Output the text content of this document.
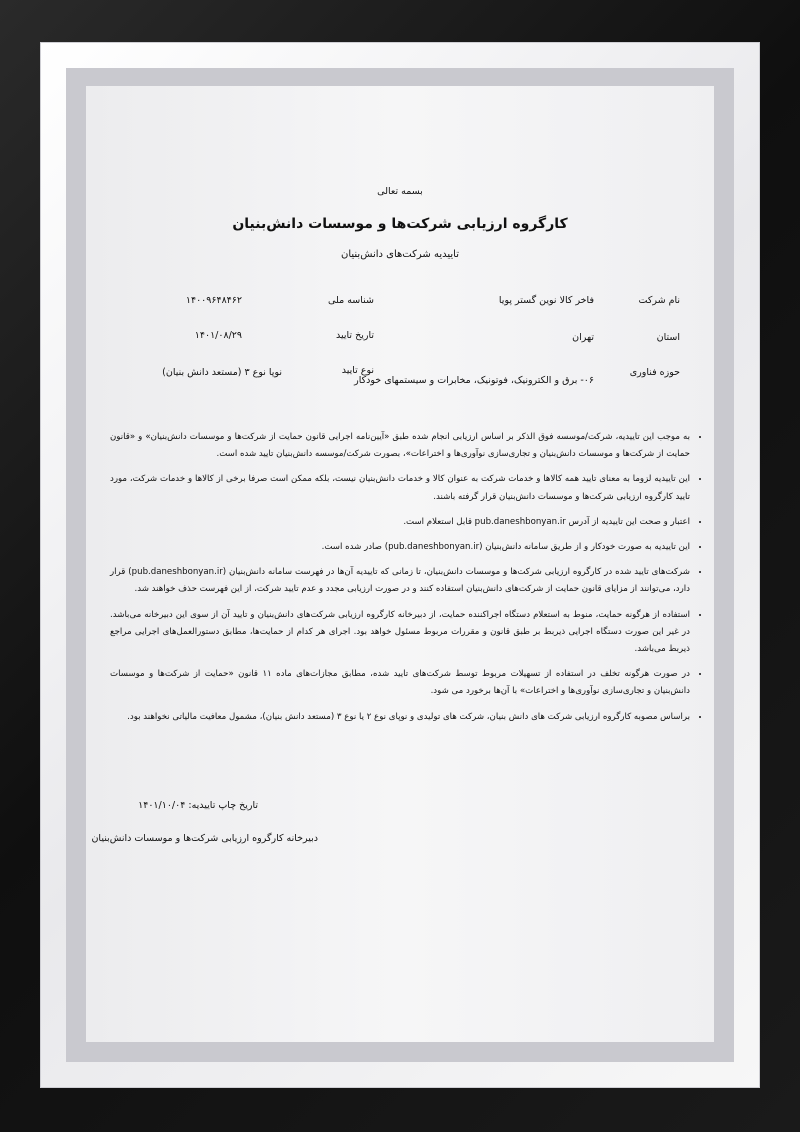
بسمه تعالی
کارگروه ارزیابی شرکت‌ها و موسسات دانش‌بنیان
تاییدیه شرکت‌های دانش‌بنیان
نام شرکت
فاخر کالا نوین گستر پویا
استان
تهران
حوزه فناوری
۰۶- برق و الکترونیک، فوتونیک، مخابرات و سیستمهای خودکار
شناسه ملی
۱۴۰۰۹۶۴۸۴۶۲
تاریخ تایید
۱۴۰۱/۰۸/۲۹
نوع تایید
نوپا نوع ۳ (مستعد دانش بنیان)
• به موجب این تاییدیه، شرکت/موسسه فوق الذکر بر اساس ارزیابی انجام شده طبق «آیین‌نامه اجرایی قانون حمایت از شرکت‌ها و موسسات دانش‌بنیان» و «قانون حمایت از شرکت‌ها و موسسات دانش‌بنیان و تجاری‌سازی نوآوری‌ها و اختراعات»، بصورت شرکت/موسسه دانش‌بنیان تایید شده است.
• این تاییدیه لزوما به معنای تایید همه کالاها و خدمات شرکت به عنوان کالا و خدمات دانش‌بنیان نیست، بلکه ممکن است صرفا برخی از کالاها و خدمات شرکت، مورد تایید کارگروه ارزیابی شرکت‌ها و موسسات دانش‌بنیان قرار گرفته باشند.
• اعتبار و صحت این تاییدیه از آدرس pub.daneshbonyan.ir قابل استعلام است.
• این تاییدیه به صورت خودکار و از طریق سامانه دانش‌بنیان (pub.daneshbonyan.ir) صادر شده است.
• شرکت‌های تایید شده در کارگروه ارزیابی شرکت‌ها و موسسات دانش‌بنیان، تا زمانی که تاییدیه آن‌ها در فهرست سامانه دانش‌بنیان (pub.daneshbonyan.ir) قرار دارد، می‌توانند از مزایای قانون حمایت از شرکت‌های دانش‌بنیان استفاده کنند و در صورت ارزیابی مجدد و عدم تایید شرکت، از این فهرست حذف خواهند شد.
• استفاده از هرگونه حمایت، منوط به استعلام دستگاه اجراکننده حمایت، از دبیرخانه کارگروه ارزیابی شرکت‌های دانش‌بنیان و تایید آن از سوی این دبیرخانه می‌باشد. در غیر این صورت دستگاه اجرایی ذیربط بر طبق قانون و مقررات مربوط مسئول خواهد بود. اجرای هر کدام از حمایت‌ها، مطابق دستورالعمل‌های اجرایی مراجع ذیربط می‌باشد.
• در صورت هرگونه تخلف در استفاده از تسهیلات مربوط توسط شرکت‌های تایید شده، مطابق مجازات‌های ماده ۱۱ قانون «حمایت از شرکت‌ها و موسسات دانش‌بنیان و تجاری‌سازی نوآوری‌ها و اختراعات» با آن‌ها برخورد می شود.
• براساس مصوبه کارگروه ارزیابی شرکت های دانش بنیان، شرکت های تولیدی و نوپای نوع ۲ یا نوع ۳ (مستعد دانش بنیان)، مشمول معافیت مالیاتی نخواهند بود.
تاریخ چاپ تاییدیه: ۱۴۰۱/۱۰/۰۴
دبیرخانه کارگروه ارزیابی شرکت‌ها و موسسات دانش‌بنیان
